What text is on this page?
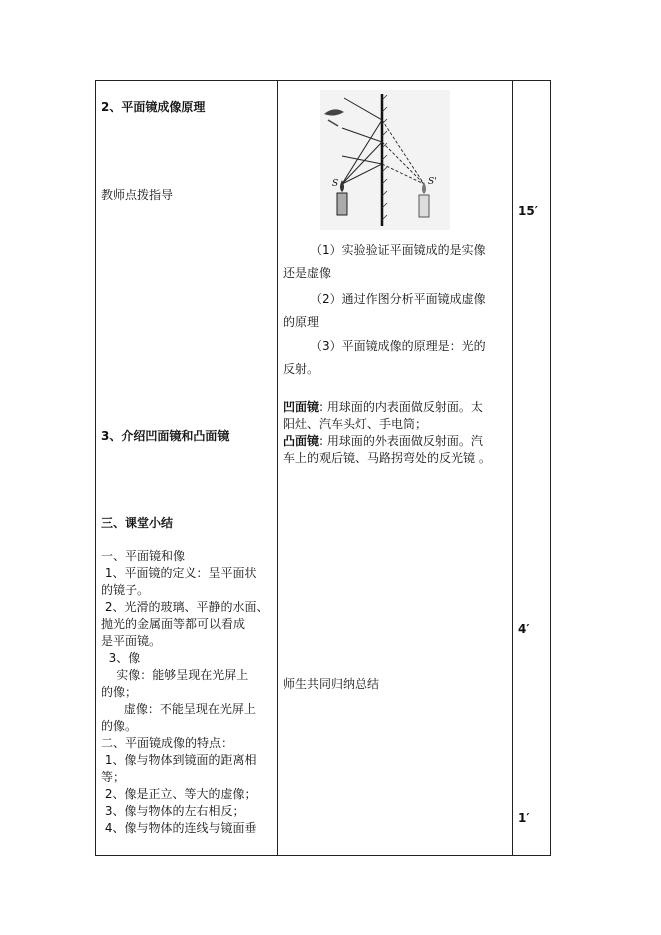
2、平面镜成像原理
教师点拨指导
3、介绍凹面镜和凸面镜
三、课堂小结
一、平面镜和像
1、平面镜的定义：呈平面状
的镜子。
2、光滑的玻璃、平静的水面、
抛光的金属面等都可以看成
是平面镜。
3、像
实像：能够呈现在光屏上
的像；
虚像：不能呈现在光屏上
的像。
二、平面镜成像的特点：
1、像与物体到镜面的距离相
等；
2、像是正立、等大的虚像；
3、像与物体的左右相反；
4、像与物体的连线与镜面垂
S	S'
（1）实验验证平面镜成的是实像
还是虚像
（2）通过作图分析平面镜成虚像
的原理
（3）平面镜成像的原理是：光的
反射。
凹面镜: 用球面的内表面做反射面。太
阳灶、汽车头灯、手电筒；
凸面镜: 用球面的外表面做反射面。汽
车上的观后镜、马路拐弯处的反光镜 。
师生共同归纳总结
15′
4′
1′
